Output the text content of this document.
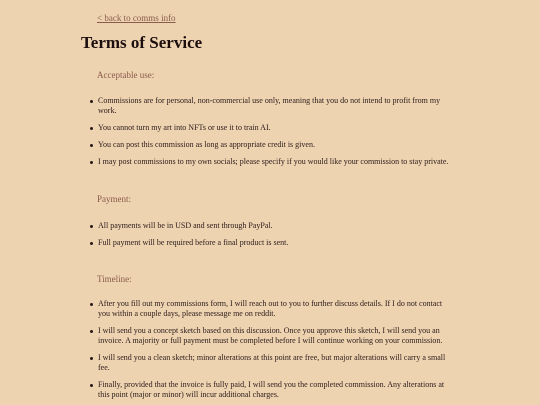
< back to comms info
Terms of Service
Acceptable use:
Commissions are for personal, non-commercial use only, meaning that you do not intend to profit from my work.
You cannot turn my art into NFTs or use it to train AI.
You can post this commission as long as appropriate credit is given.
I may post commissions to my own socials; please specify if you would like your commission to stay private.
Payment:
All payments will be in USD and sent through PayPal.
Full payment will be required before a final product is sent.
Timeline:
After you fill out my commissions form, I will reach out to you to further discuss details. If I do not contact you within a couple days, please message me on reddit.
I will send you a concept sketch based on this discussion. Once you approve this sketch, I will send you an invoice. A majority or full payment must be completed before I will continue working on your commission.
I will send you a clean sketch; minor alterations at this point are free, but major alterations will carry a small fee.
Finally, provided that the invoice is fully paid, I will send you the completed commission. Any alterations at this point (major or minor) will incur additional charges.
